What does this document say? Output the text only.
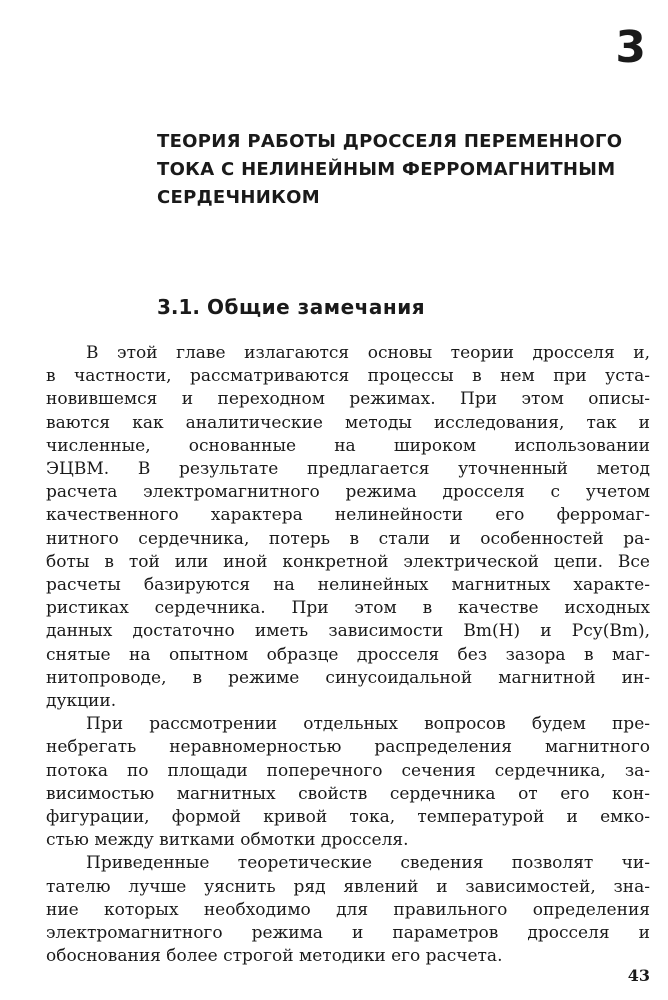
3
ТЕОРИЯ РАБОТЫ ДРОССЕЛЯ ПЕРЕМЕННОГО
ТОКА С НЕЛИНЕЙНЫМ ФЕРРОМАГНИТНЫМ
СЕРДЕЧНИКОМ
3.1. Общие замечания
В этой главе излагаются основы теории дросселя и,
в частности, рассматриваются процессы в нем при уста-
новившемся и переходном режимах. При этом описы-
ваются как аналитические методы исследования, так и
численные, основанные на широком использовании
ЭЦВМ. В результате предлагается уточненный метод
расчета электромагнитного режима дросселя с учетом
качественного характера нелинейности его ферромаг-
нитного сердечника, потерь в стали и особенностей ра-
боты в той или иной конкретной электрической цепи. Все
расчеты базируются на нелинейных магнитных характе-
ристиках сердечника. При этом в качестве исходных
данных достаточно иметь зависимости Bm(H) и Pсу(Bm),
снятые на опытном образце дросселя без зазора в маг-
нитопроводе, в режиме синусоидальной магнитной ин-
дукции.
При рассмотрении отдельных вопросов будем пре-
небрегать неравномерностью распределения магнитного
потока по площади поперечного сечения сердечника, за-
висимостью магнитных свойств сердечника от его кон-
фигурации, формой кривой тока, температурой и емко-
стью между витками обмотки дросселя.
Приведенные теоретические сведения позволят чи-
тателю лучше уяснить ряд явлений и зависимостей, зна-
ние которых необходимо для правильного определения
электромагнитного режима и параметров дросселя и
обоснования более строгой методики его расчета.
43
